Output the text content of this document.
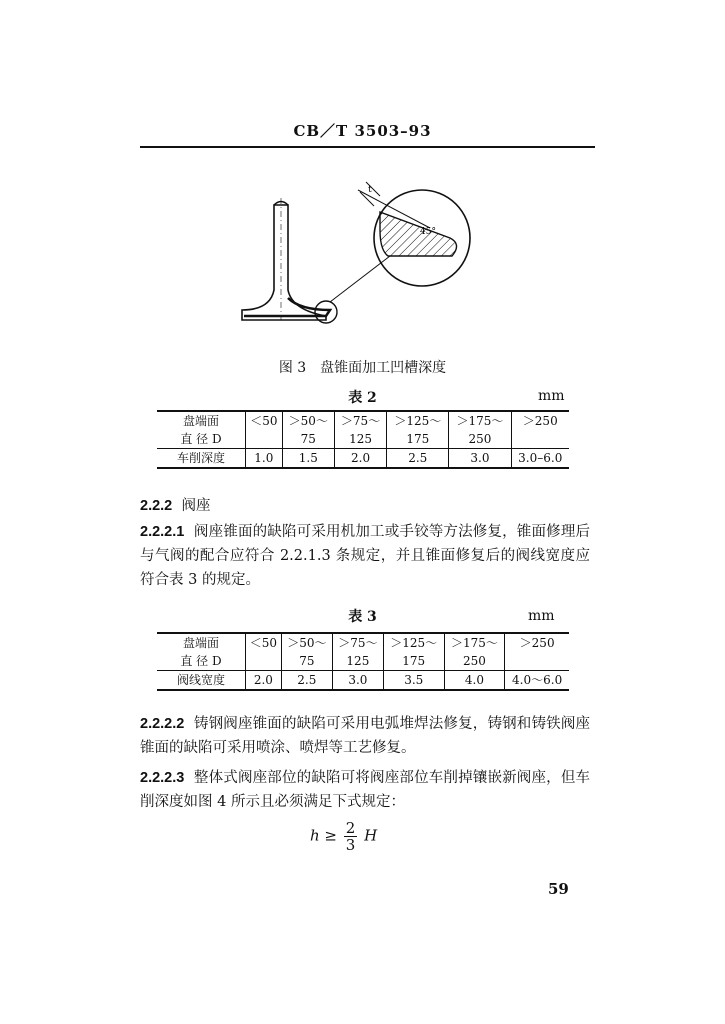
CB／T 3503–93
t
45°
图 3　盘锥面加工凹槽深度
表 2	mm
盘端面	＜50	＞50～	＞75～	＞125～	＞175～	＞250
直 径 D		75	125	175	250	
车削深度	1.0	1.5	2.0	2.5	3.0	3.0–6.0
2.2.2 阀座
2.2.2.1 阀座锥面的缺陷可采用机加工或手铰等方法修复，锥面修理后与气阀的配合应符合 2.2.1.3 条规定，并且锥面修复后的阀线宽度应符合表 3 的规定。
表 3	mm
盘端面	＜50	＞50～	＞75～	＞125～	＞175～	＞250
直 径 D		75	125	175	250	
阀线宽度	2.0	2.5	3.0	3.5	4.0	4.0～6.0
2.2.2.2 铸钢阀座锥面的缺陷可采用电弧堆焊法修复，铸钢和铸铁阀座锥面的缺陷可采用喷涂、喷焊等工艺修复。
2.2.2.3 整体式阀座部位的缺陷可将阀座部位车削掉镶嵌新阀座，但车削深度如图 4 所示且必须满足下式规定：
$h \ge \frac{2}{3}$ H
59
